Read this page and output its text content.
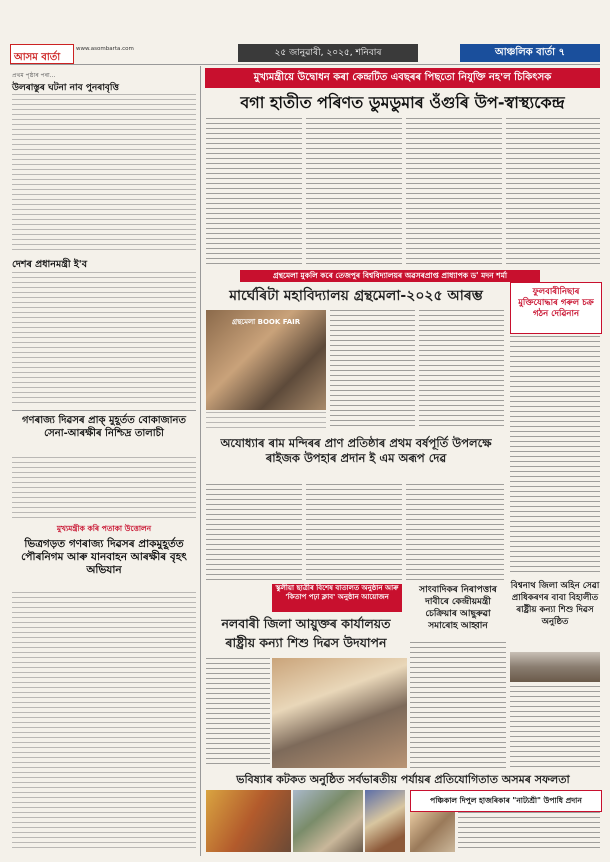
আসম বাৰ্তা
www.asombarta.com	২৫ জানুৱাৰী, ২০২৫, শনিবাৰ	আঞ্চলিক বাৰ্তা ৭
প্ৰথম পৃষ্ঠাৰ পৰা...
উলৰাস্তুৰ ঘটনা নাব পুনৰাবৃত্তি
দেশৰ প্ৰধানমন্ত্ৰী ই'ব
গণৰাজ্য দিৱসৰ প্ৰাক্ মুহূৰ্তত বোকাজানত সেনা-আৰক্ষীৰ নিশ্চিদ্ৰ তালাচী
মুখ্যমন্ত্ৰীক কৰি পতাকা উত্তোলন
ভিত্ৰগড়ত গণৰাজ্য দিৱসৰ প্ৰাকমুহূৰ্তত পৌৰনিগম আৰু যানবাহন আৰক্ষীৰ বৃহৎ অভিযান
মুখ্যমন্ত্ৰীয়ে উদ্বোধন কৰা কেন্দ্ৰটিত এবছৰৰ পিছতো নিযুক্তি নহ'ল চিকিৎসক
বগা হাতীত পৰিণত ডুমডুমাৰ ওঁগুৰি উপ-স্বাস্থ্যকেন্দ্ৰ
গ্ৰন্থমেলা মুকলি কৰে তেজপুৰ বিশ্ববিদ্যালয়ৰ অৱসৰপ্ৰাপ্ত প্ৰাধ্যাপক ড' মদন শৰ্মা
মাৰ্ঘেৰিটা মহাবিদ্যালয় গ্ৰন্থমেলা-২০২৫ আৰম্ভ
গ্ৰন্থমেলা BOOK FAIR
ফুলবাৰীনিছাৰ মুক্তিযোদ্ধাৰ গৰুল চক্ৰ গঠন দেৱিনান
অযোধ্যাৰ ৰাম মন্দিৰৰ প্ৰাণ প্ৰতিষ্ঠাৰ প্ৰথম বৰ্ষপূৰ্তি উপলক্ষে ৰাইজক উপহাৰ প্ৰদান ই এম অৰূপ দেৱ
স্কুলীয়া ছাত্ৰীৰ বিশেষ বাতালত অনুষ্ঠান আৰু 'কিতাপ পঢ়া ক্লাব' অনুষ্ঠান আয়োজন
নলবাৰী জিলা আয়ুক্তৰ কাৰ্যালয়ত ৰাষ্ট্ৰীয় কন্যা শিশু দিৱস উদযাপন
সাংবাদিকৰ নিৰাপত্তাৰ দাবীৰে কেন্দ্ৰীয়মন্ত্ৰী চেক্ৰিয়াৰ আছুৰুৱা সমাৰোহ আহ্বান
বিশ্বনাথ জিলা অহিন সেৱা প্ৰাধিকৰণৰ বাবা বিহালীত ৰাষ্ট্ৰীয় কন্যা শিশু দিৱস অনুষ্ঠিত
ভবিষ্যাৰ কটকত অনুষ্ঠিত সৰ্বভাৰতীয় পৰ্যায়ৰ প্ৰতিযোগিতাত অসমৰ সফলতা
পঞ্চিকাল দিপুল হাজৰিকাৰ "নাট্যশ্ৰী" উপাধি প্ৰদান
